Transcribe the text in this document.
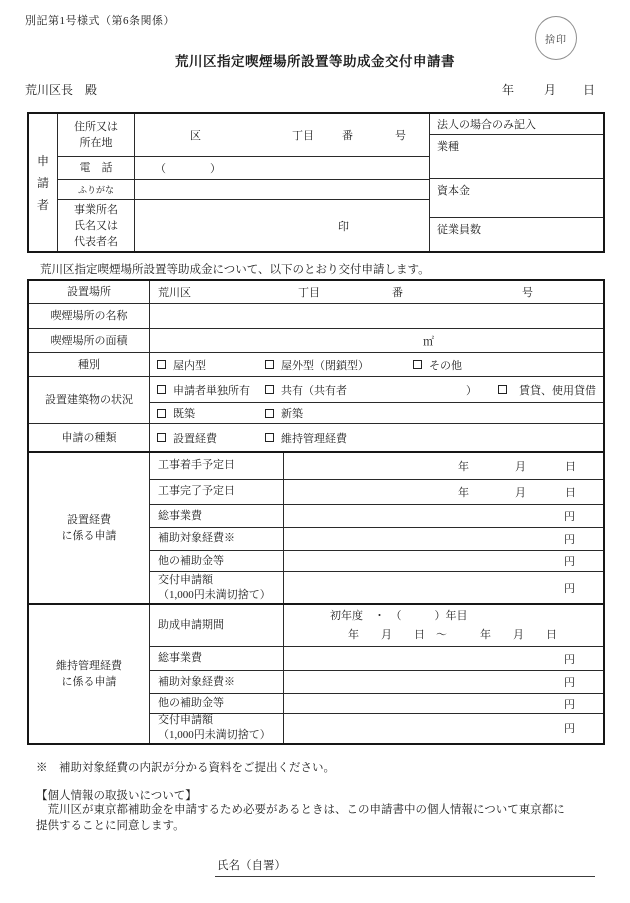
別記第1号様式（第6条関係）
捨印
荒川区指定喫煙場所設置等助成金交付申請書
荒川区長　殿	年 月 日
申請者
住所又は
所在地
区	丁目	番	号
電　話	（　　　　）
ふりがな
事業所名
氏名又は
代表者名
印
法人の場合のみ記入
業種
資本金
従業員数
荒川区指定喫煙場所設置等助成金について、以下のとおり交付申請します。
設置場所	荒川区	丁目	番	号
喫煙場所の名称
喫煙場所の面積	㎡
種別	屋内型	屋外型（閉鎖型）	その他
設置建築物の状況
申請者単独所有	共有（共有者	）	賃貸、使用貸借
既築	新築
申請の種類	設置経費	維持管理経費
設置経費
に係る申請
工事着手予定日	年	月	日
工事完了予定日	年	月	日
総事業費	円
補助対象経費※	円
他の補助金等	円
交付申請額
（1,000円未満切捨て）	円
維持管理経費
に係る申請
助成申請期間
初年度　・　（　　　）年目
年　　月　　日　～　　　年　　月　　日
総事業費	円
補助対象経費※	円
他の補助金等	円
交付申請額
（1,000円未満切捨て）	円
※　補助対象経費の内訳が分かる資料をご提出ください。
【個人情報の取扱いについて】
荒川区が東京都補助金を申請するため必要があるときは、この申請書中の個人情報について東京都に提供することに同意します。
氏名（自署）
